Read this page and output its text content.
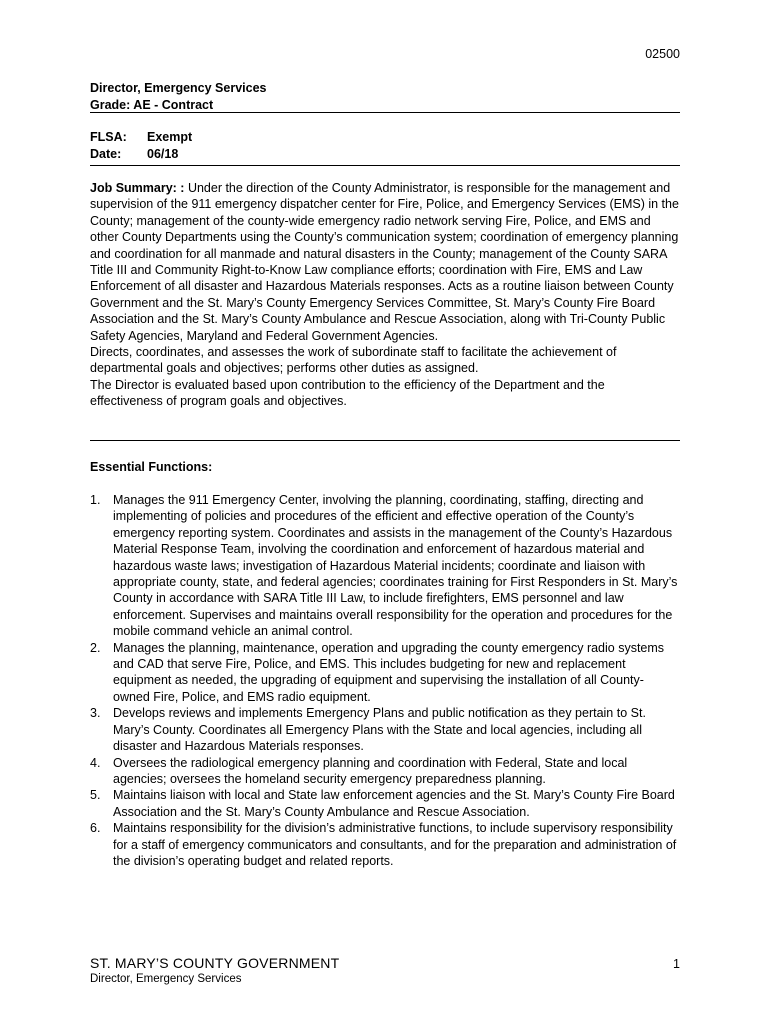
02500
Director, Emergency Services
Grade: AE - Contract
FLSA:	Exempt
Date:	06/18

Job Summary: : Under the direction of the County Administrator, is responsible for the management and supervision of the 911 emergency dispatcher center for Fire, Police, and Emergency Services (EMS) in the County; management of the county-wide emergency radio network serving Fire, Police, and EMS and other County Departments using the County’s communication system; coordination of emergency planning and coordination for all manmade and natural disasters in the County; management of the County SARA Title III and Community Right-to-Know Law compliance efforts; coordination with Fire, EMS and Law Enforcement of all disaster and Hazardous Materials responses. Acts as a routine liaison between County Government and the St. Mary’s County Emergency Services Committee, St. Mary’s County Fire Board Association and the St. Mary’s County Ambulance and Rescue Association, along with Tri-County Public Safety Agencies, Maryland and Federal Government Agencies.

Directs, coordinates, and assesses the work of subordinate staff to facilitate the achievement of departmental goals and objectives; performs other duties as assigned.

The Director is evaluated based upon contribution to the efficiency of the Department and the effectiveness of program goals and objectives.

Essential Functions:
1. Manages the 911 Emergency Center, involving the planning, coordinating, staffing, directing and implementing of policies and procedures of the efficient and effective operation of the County’s emergency reporting system. Coordinates and assists in the management of the County’s Hazardous Material Response Team, involving the coordination and enforcement of hazardous material and hazardous waste laws; investigation of Hazardous Material incidents; coordinate and liaison with appropriate county, state, and federal agencies; coordinates training for First Responders in St. Mary’s County in accordance with SARA Title III Law, to include firefighters, EMS personnel and law enforcement. Supervises and maintains overall responsibility for the operation and procedures for the mobile command vehicle an animal control.
2. Manages the planning, maintenance, operation and upgrading the county emergency radio systems and CAD that serve Fire, Police, and EMS. This includes budgeting for new and replacement equipment as needed, the upgrading of equipment and supervising the installation of all County-owned Fire, Police, and EMS radio equipment.
3. Develops reviews and implements Emergency Plans and public notification as they pertain to St. Mary’s County. Coordinates all Emergency Plans with the State and local agencies, including all disaster and Hazardous Materials responses.
4. Oversees the radiological emergency planning and coordination with Federal, State and local agencies; oversees the homeland security emergency preparedness planning.
5. Maintains liaison with local and State law enforcement agencies and the St. Mary’s County Fire Board Association and the St. Mary’s County Ambulance and Rescue Association.
6. Maintains responsibility for the division’s administrative functions, to include supervisory responsibility for a staff of emergency communicators and consultants, and for the preparation and administration of the division’s operating budget and related reports.
ST. MARY’S COUNTY GOVERNMENT
Director, Emergency Services
1
